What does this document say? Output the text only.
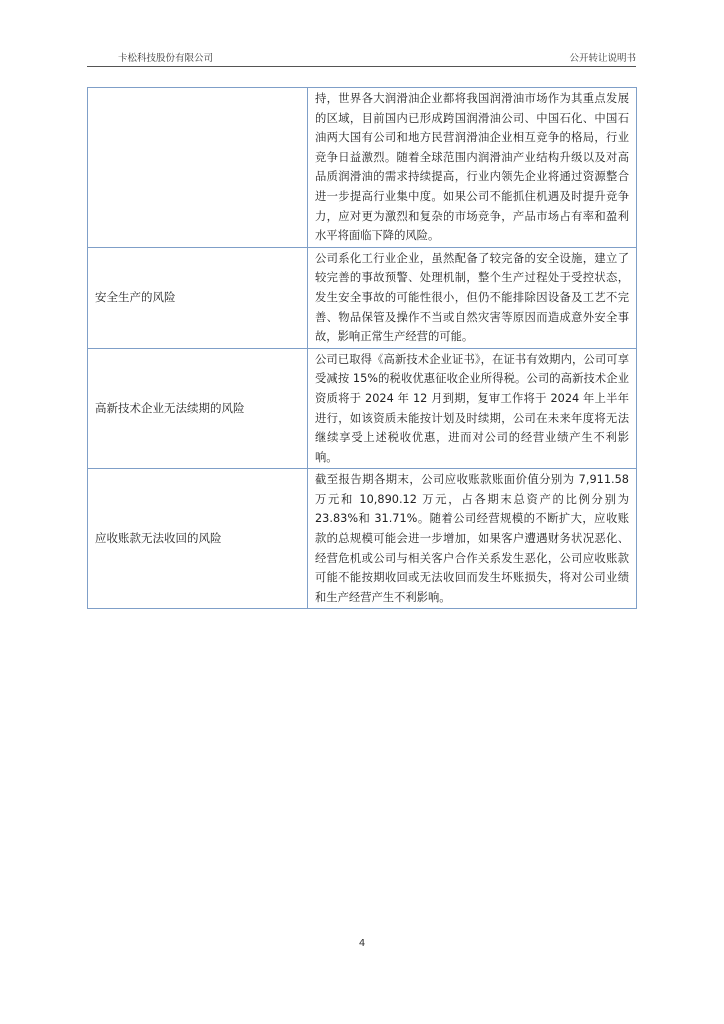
卡松科技股份有限公司	公开转让说明书
	持，世界各大润滑油企业都将我国润滑油市场作为其重点发展的区域，目前国内已形成跨国润滑油公司、中国石化、中国石油两大国有公司和地方民营润滑油企业相互竞争的格局，行业竞争日益激烈。随着全球范围内润滑油产业结构升级以及对高品质润滑油的需求持续提高，行业内领先企业将通过资源整合进一步提高行业集中度。如果公司不能抓住机遇及时提升竞争力，应对更为激烈和复杂的市场竞争，产品市场占有率和盈利水平将面临下降的风险。
安全生产的风险	公司系化工行业企业，虽然配备了较完备的安全设施，建立了较完善的事故预警、处理机制，整个生产过程处于受控状态，发生安全事故的可能性很小，但仍不能排除因设备及工艺不完善、物品保管及操作不当或自然灾害等原因而造成意外安全事故，影响正常生产经营的可能。
高新技术企业无法续期的风险	公司已取得《高新技术企业证书》，在证书有效期内，公司可享受减按 15%的税收优惠征收企业所得税。公司的高新技术企业资质将于 2024 年 12 月到期，复审工作将于 2024 年上半年进行，如该资质未能按计划及时续期，公司在未来年度将无法继续享受上述税收优惠，进而对公司的经营业绩产生不利影响。
应收账款无法收回的风险	截至报告期各期末，公司应收账款账面价值分别为 7,911.58 万元和 10,890.12 万元，占各期末总资产的比例分别为 23.83%和 31.71%。随着公司经营规模的不断扩大，应收账款的总规模可能会进一步增加，如果客户遭遇财务状况恶化、经营危机或公司与相关客户合作关系发生恶化，公司应收账款可能不能按期收回或无法收回而发生坏账损失，将对公司业绩和生产经营产生不利影响。
4
